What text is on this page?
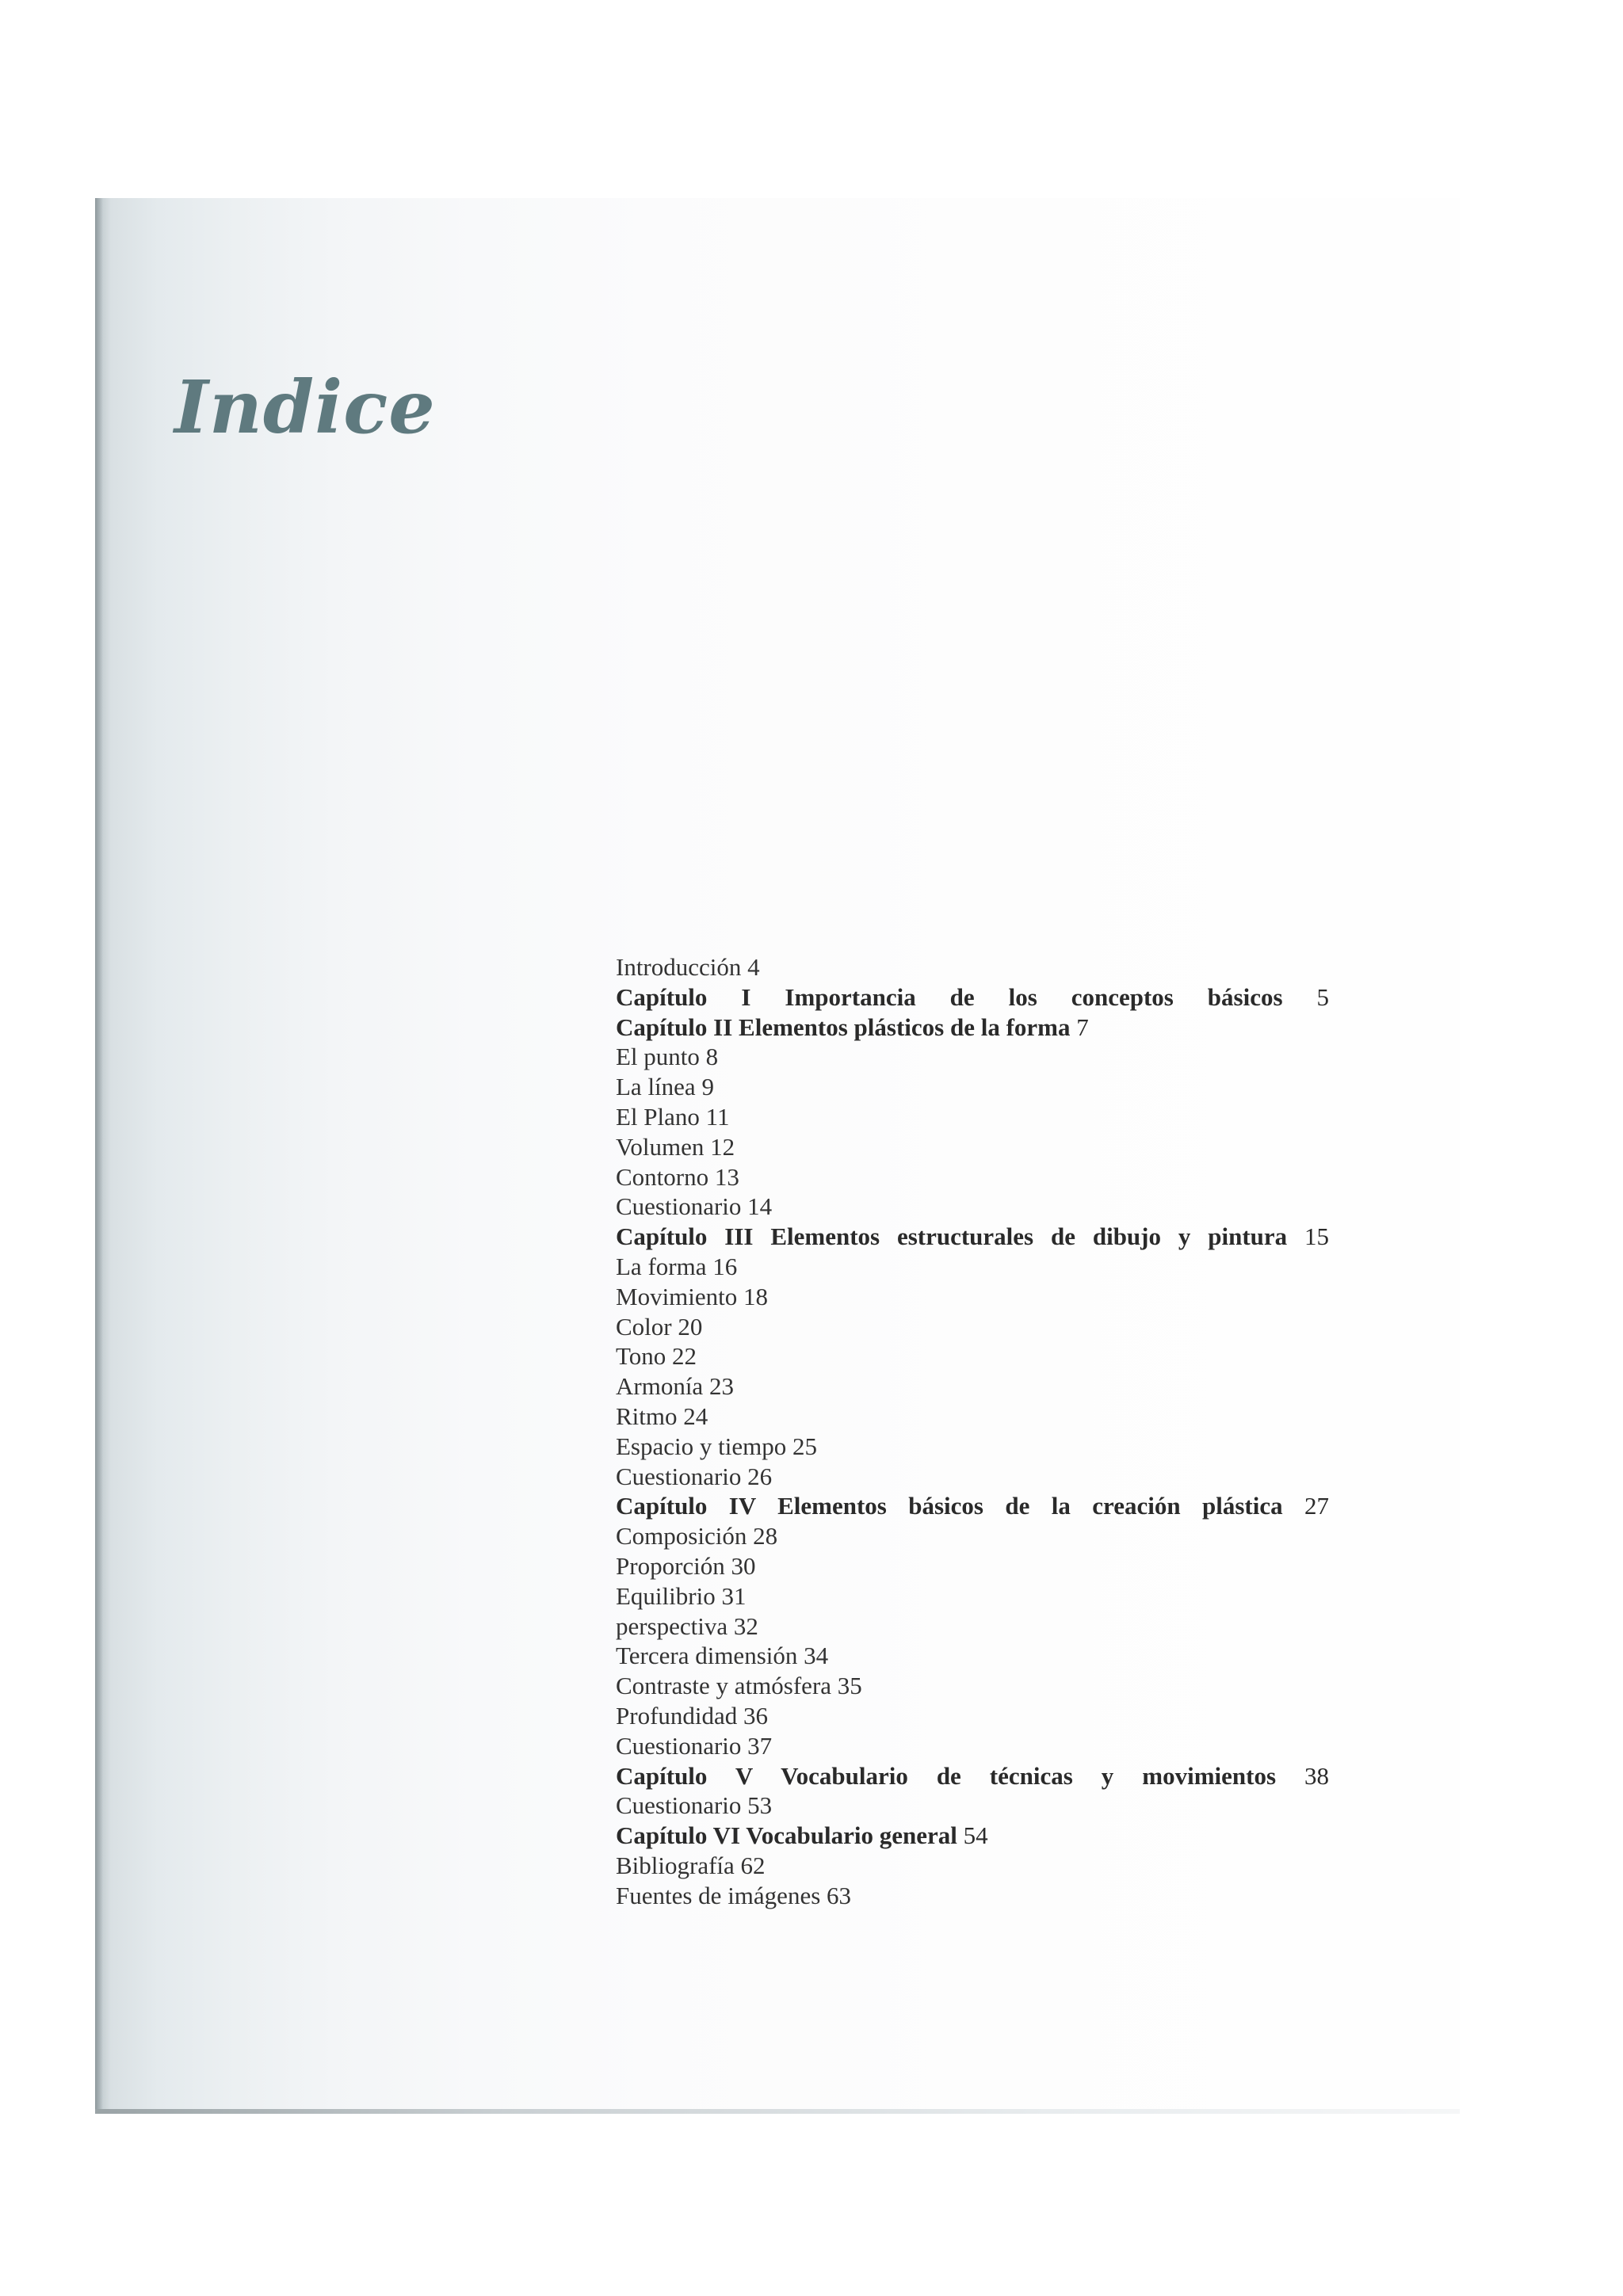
Indice
Introducción 4
Capítulo I Importancia de los conceptos básicos 5
Capítulo II Elementos plásticos de la forma 7
El punto 8
La línea 9
El Plano 11
Volumen 12
Contorno 13
Cuestionario 14
Capítulo III Elementos estructurales de dibujo y pintura 15
La forma 16
Movimiento 18
Color 20
Tono 22
Armonía 23
Ritmo 24
Espacio y tiempo 25
Cuestionario 26
Capítulo IV Elementos básicos de la creación plástica 27
Composición 28
Proporción 30
Equilibrio 31
perspectiva 32
Tercera dimensión 34
Contraste y atmósfera 35
Profundidad 36
Cuestionario 37
Capítulo V Vocabulario de técnicas y movimientos 38
Cuestionario 53
Capítulo VI Vocabulario general 54
Bibliografía 62
Fuentes de imágenes 63
